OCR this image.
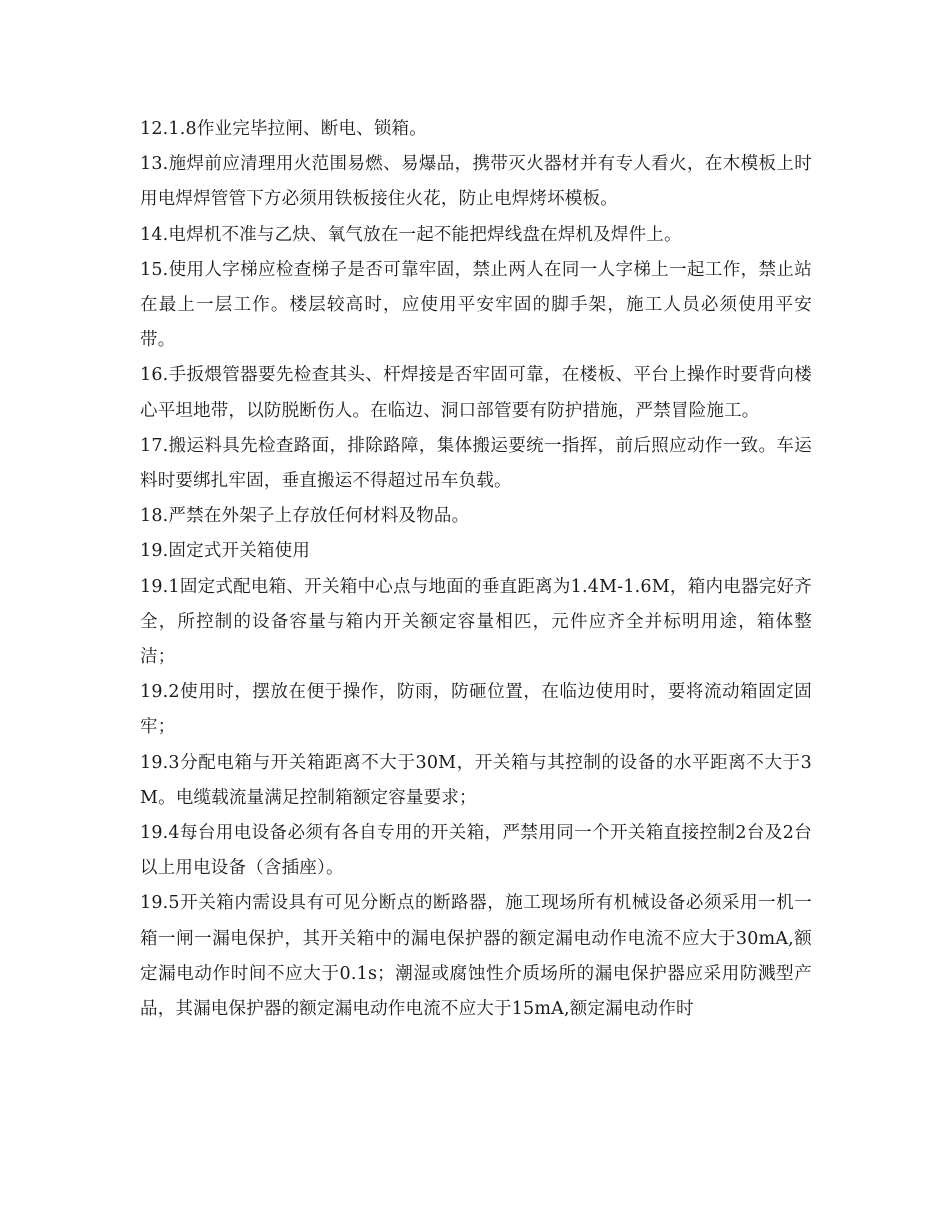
12.1.8作业完毕拉闸、断电、锁箱。

13.施焊前应清理用火范围易燃、易爆品，携带灭火器材并有专人看火，在木模板上时用电焊焊管管下方必须用铁板接住火花，防止电焊烤坏模板。

14.电焊机不准与乙炔、氧气放在一起不能把焊线盘在焊机及焊件上。

15.使用人字梯应检查梯子是否可靠牢固，禁止两人在同一人字梯上一起工作，禁止站在最上一层工作。楼层较高时，应使用平安牢固的脚手架，施工人员必须使用平安带。

16.手扳煨管器要先检查其头、杆焊接是否牢固可靠，在楼板、平台上操作时要背向楼心平坦地带，以防脱断伤人。在临边、洞口部管要有防护措施，严禁冒险施工。

17.搬运料具先检查路面，排除路障，集体搬运要统一指挥，前后照应动作一致。车运料时要绑扎牢固，垂直搬运不得超过吊车负载。

18.严禁在外架子上存放任何材料及物品。

19.固定式开关箱使用

19.1固定式配电箱、开关箱中心点与地面的垂直距离为1.4M-1.6M，箱内电器完好齐全，所控制的设备容量与箱内开关额定容量相匹，元件应齐全并标明用途，箱体整洁；

19.2使用时，摆放在便于操作，防雨，防砸位置，在临边使用时，要将流动箱固定固牢；

19.3分配电箱与开关箱距离不大于30M，开关箱与其控制的设备的水平距离不大于3M。电缆载流量满足控制箱额定容量要求；

19.4每台用电设备必须有各自专用的开关箱，严禁用同一个开关箱直接控制2台及2台以上用电设备（含插座）。

19.5开关箱内需设具有可见分断点的断路器，施工现场所有机械设备必须采用一机一箱一闸一漏电保护，其开关箱中的漏电保护器的额定漏电动作电流不应大于30mA,额定漏电动作时间不应大于0.1s；潮湿或腐蚀性介质场所的漏电保护器应采用防溅型产品，其漏电保护器的额定漏电动作电流不应大于15mA,额定漏电动作时
